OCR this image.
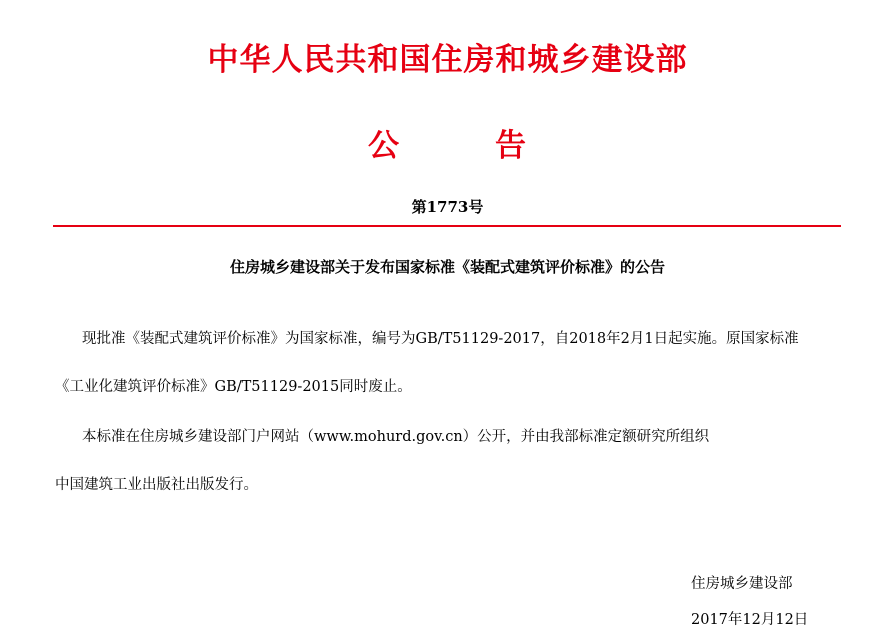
中华人民共和国住房和城乡建设部
公	告
第1773号
住房城乡建设部关于发布国家标准《装配式建筑评价标准》的公告
现批准《装配式建筑评价标准》为国家标准，编号为GB/T51129-2017，自2018年2月1日起实施。原国家标准
《工业化建筑评价标准》GB/T51129-2015同时废止。
本标准在住房城乡建设部门户网站（www.mohurd.gov.cn）公开，并由我部标准定额研究所组织
中国建筑工业出版社出版发行。
住房城乡建设部
2017年12月12日
